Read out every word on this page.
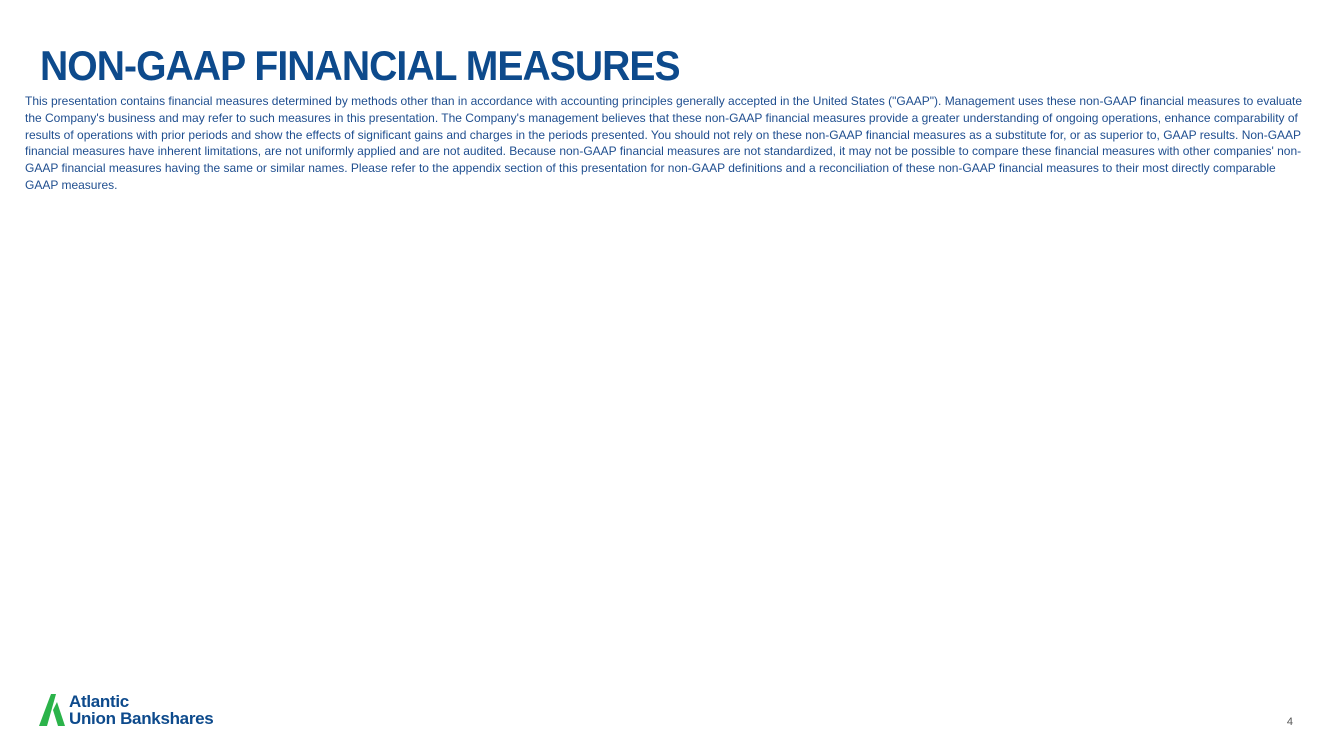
NON-GAAP FINANCIAL MEASURES

This presentation contains financial measures determined by methods other than in accordance with accounting principles generally accepted in the United States ("GAAP"). Management uses these non-GAAP financial measures to evaluate the Company's business and may refer to such measures in this presentation. The Company's management believes that these non-GAAP financial measures provide a greater understanding of ongoing operations, enhance comparability of results of operations with prior periods and show the effects of significant gains and charges in the periods presented. You should not rely on these non-GAAP financial measures as a substitute for, or as superior to, GAAP results. Non-GAAP financial measures have inherent limitations, are not uniformly applied and are not audited. Because non-GAAP financial measures are not standardized, it may not be possible to compare these financial measures with other companies' non-GAAP financial measures having the same or similar names. Please refer to the appendix section of this presentation for non-GAAP definitions and a reconciliation of these non-GAAP financial measures to their most directly comparable GAAP measures.

Atlantic
Union Bankshares	4
